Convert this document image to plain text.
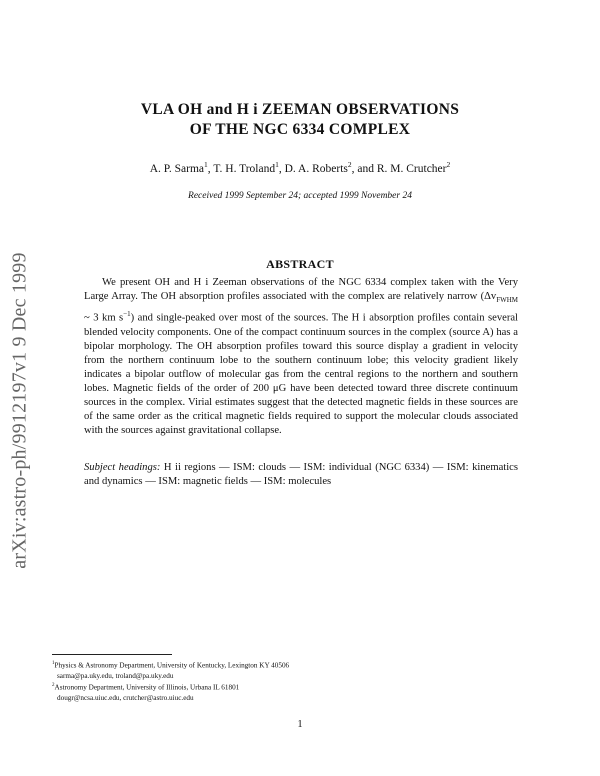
arXiv:astro-ph/9912197v1 9 Dec 1999
VLA OH and H i ZEEMAN OBSERVATIONS
OF THE NGC 6334 COMPLEX
A. P. Sarma$^1$, T. H. Troland$^1$, D. A. Roberts$^2$, and R. M. Crutcher$^2$
Received 1999 September 24; accepted 1999 November 24
ABSTRACT

We present OH and H i Zeeman observations of the NGC 6334 complex taken with the Very Large Array. The OH absorption profiles associated with the complex are relatively narrow ($\Delta v_{FWHM}$ ~ 3 km $s^{-1}$) and single-peaked over most of the sources. The H i absorption profiles contain several blended velocity components. One of the compact continuum sources in the complex (source A) has a bipolar morphology. The OH absorption profiles toward this source display a gradient in velocity from the northern continuum lobe to the southern continuum lobe; this velocity gradient likely indicates a bipolar outflow of molecular gas from the central regions to the northern and southern lobes. Magnetic fields of the order of 200 μG have been detected toward three discrete continuum sources in the complex. Virial estimates suggest that the detected magnetic fields in these sources are of the same order as the critical magnetic fields required to support the molecular clouds associated with the sources against gravitational collapse.

Subject headings: H ii regions — ISM: clouds — ISM: individual (NGC 6334) — ISM: kinematics and dynamics — ISM: magnetic fields — ISM: molecules

$^1$Physics & Astronomy Department, University of Kentucky, Lexington KY 40506
sarma@pa.uky.edu, troland@pa.uky.edu
$^2$Astronomy Department, University of Illinois, Urbana IL 61801
dougr@ncsa.uiuc.edu, crutcher@astro.uiuc.edu
1
